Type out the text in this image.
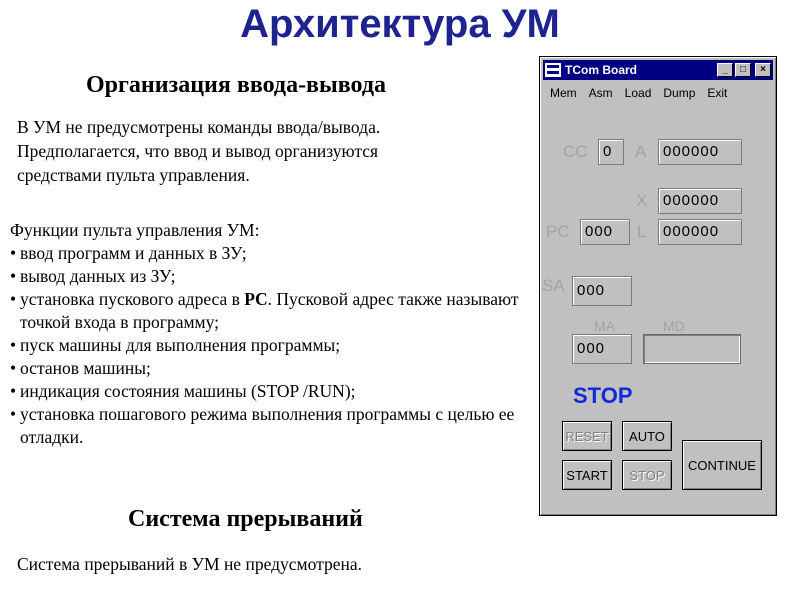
Архитектура УМ
Организация ввода-вывода
В УМ не предусмотрены команды ввода/вывода.
Предполагается, что ввод и вывод организуются
средствами пульта управления.
Функции пульта управления УМ:
• ввод программ и данных в ЗУ;
• вывод данных из ЗУ;
• установка пускового адреса в PC. Пусковой адрес также называют точкой входа в программу;
• пуск машины для выполнения программы;
• останов машины;
• индикация состояния машины (STOP /RUN);
• установка пошагового режима выполнения программы с целью ее отладки.
Система прерываний
Система прерываний в УМ не предусмотрена.
TCom Board	_	□	×
Mem	Asm	Load	Dump	Exit
CC	0	A	000000
X	000000
PC	000	L	000000
SA 000
MA	MD
000
STOP
RESET	AUTO
START	STOP
CONTINUE
